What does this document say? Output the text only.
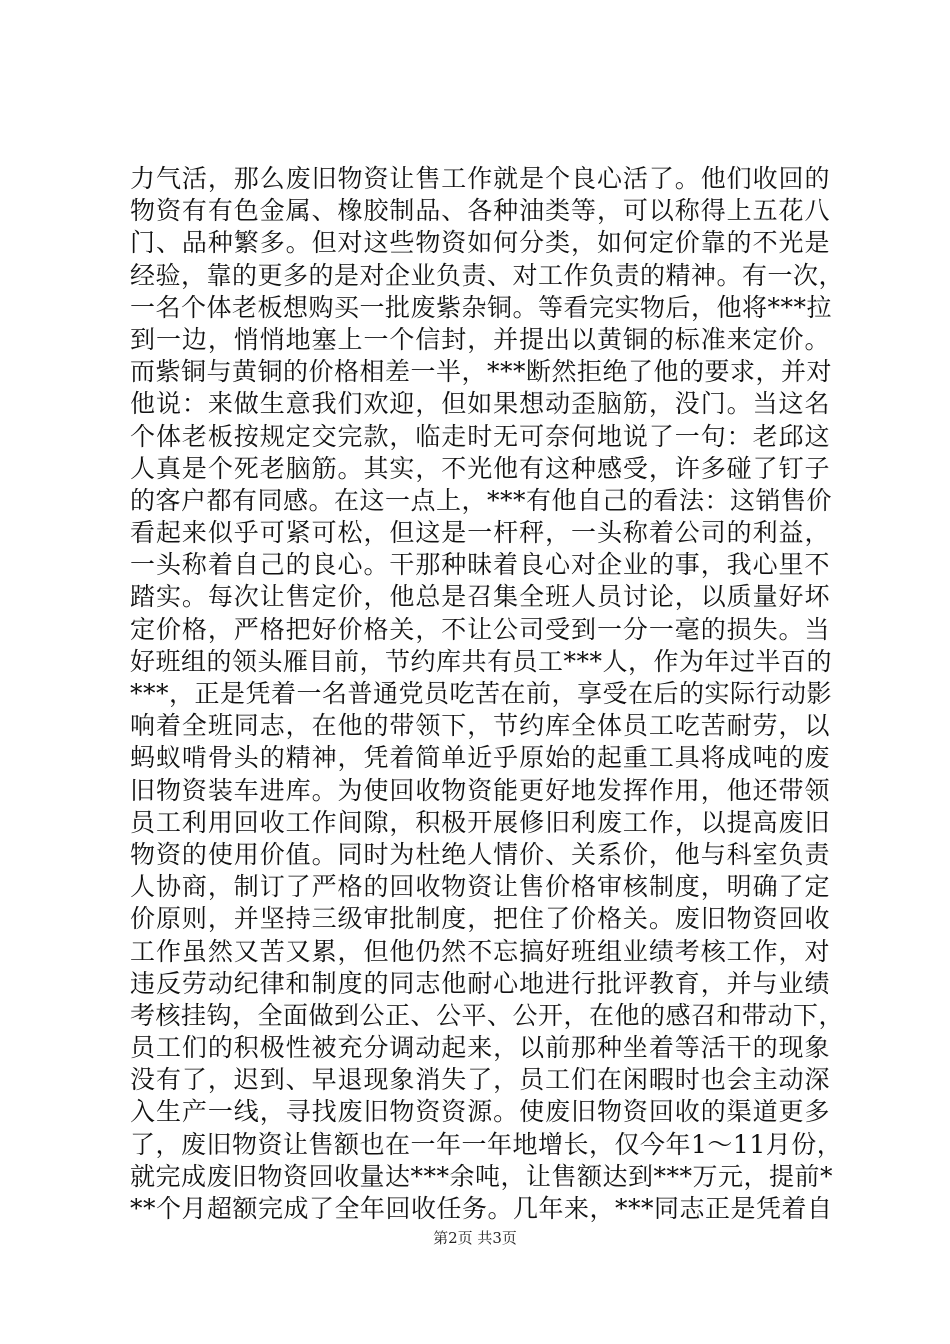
力气活，那么废旧物资让售工作就是个良心活了。他们收回的
物资有有色金属、橡胶制品、各种油类等，可以称得上五花八
门、品种繁多。但对这些物资如何分类，如何定价靠的不光是
经验，靠的更多的是对企业负责、对工作负责的精神。有一次，
一名个体老板想购买一批废紫杂铜。等看完实物后，他将***拉
到一边，悄悄地塞上一个信封，并提出以黄铜的标准来定价。
而紫铜与黄铜的价格相差一半，***断然拒绝了他的要求，并对
他说：来做生意我们欢迎，但如果想动歪脑筋，没门。当这名
个体老板按规定交完款，临走时无可奈何地说了一句：老邱这
人真是个死老脑筋。其实，不光他有这种感受，许多碰了钉子
的客户都有同感。在这一点上，***有他自己的看法：这销售价
看起来似乎可紧可松，但这是一杆秤，一头称着公司的利益，
一头称着自己的良心。干那种昧着良心对企业的事，我心里不
踏实。每次让售定价，他总是召集全班人员讨论，以质量好坏
定价格，严格把好价格关，不让公司受到一分一毫的损失。当
好班组的领头雁目前，节约库共有员工***人，作为年过半百的
***，正是凭着一名普通党员吃苦在前，享受在后的实际行动影
响着全班同志，在他的带领下，节约库全体员工吃苦耐劳，以
蚂蚁啃骨头的精神，凭着简单近乎原始的起重工具将成吨的废
旧物资装车进库。为使回收物资能更好地发挥作用，他还带领
员工利用回收工作间隙，积极开展修旧利废工作，以提高废旧
物资的使用价值。同时为杜绝人情价、关系价，他与科室负责
人协商，制订了严格的回收物资让售价格审核制度，明确了定
价原则，并坚持三级审批制度，把住了价格关。废旧物资回收
工作虽然又苦又累，但他仍然不忘搞好班组业绩考核工作，对
违反劳动纪律和制度的同志他耐心地进行批评教育，并与业绩
考核挂钩，全面做到公正、公平、公开，在他的感召和带动下，
员工们的积极性被充分调动起来，以前那种坐着等活干的现象
没有了，迟到、早退现象消失了，员工们在闲暇时也会主动深
入生产一线，寻找废旧物资资源。使废旧物资回收的渠道更多
了，废旧物资让售额也在一年一年地增长，仅今年1～11月份，
就完成废旧物资回收量达***余吨，让售额达到***万元，提前*
**个月超额完成了全年回收任务。几年来，***同志正是凭着自
第2页 共3页
